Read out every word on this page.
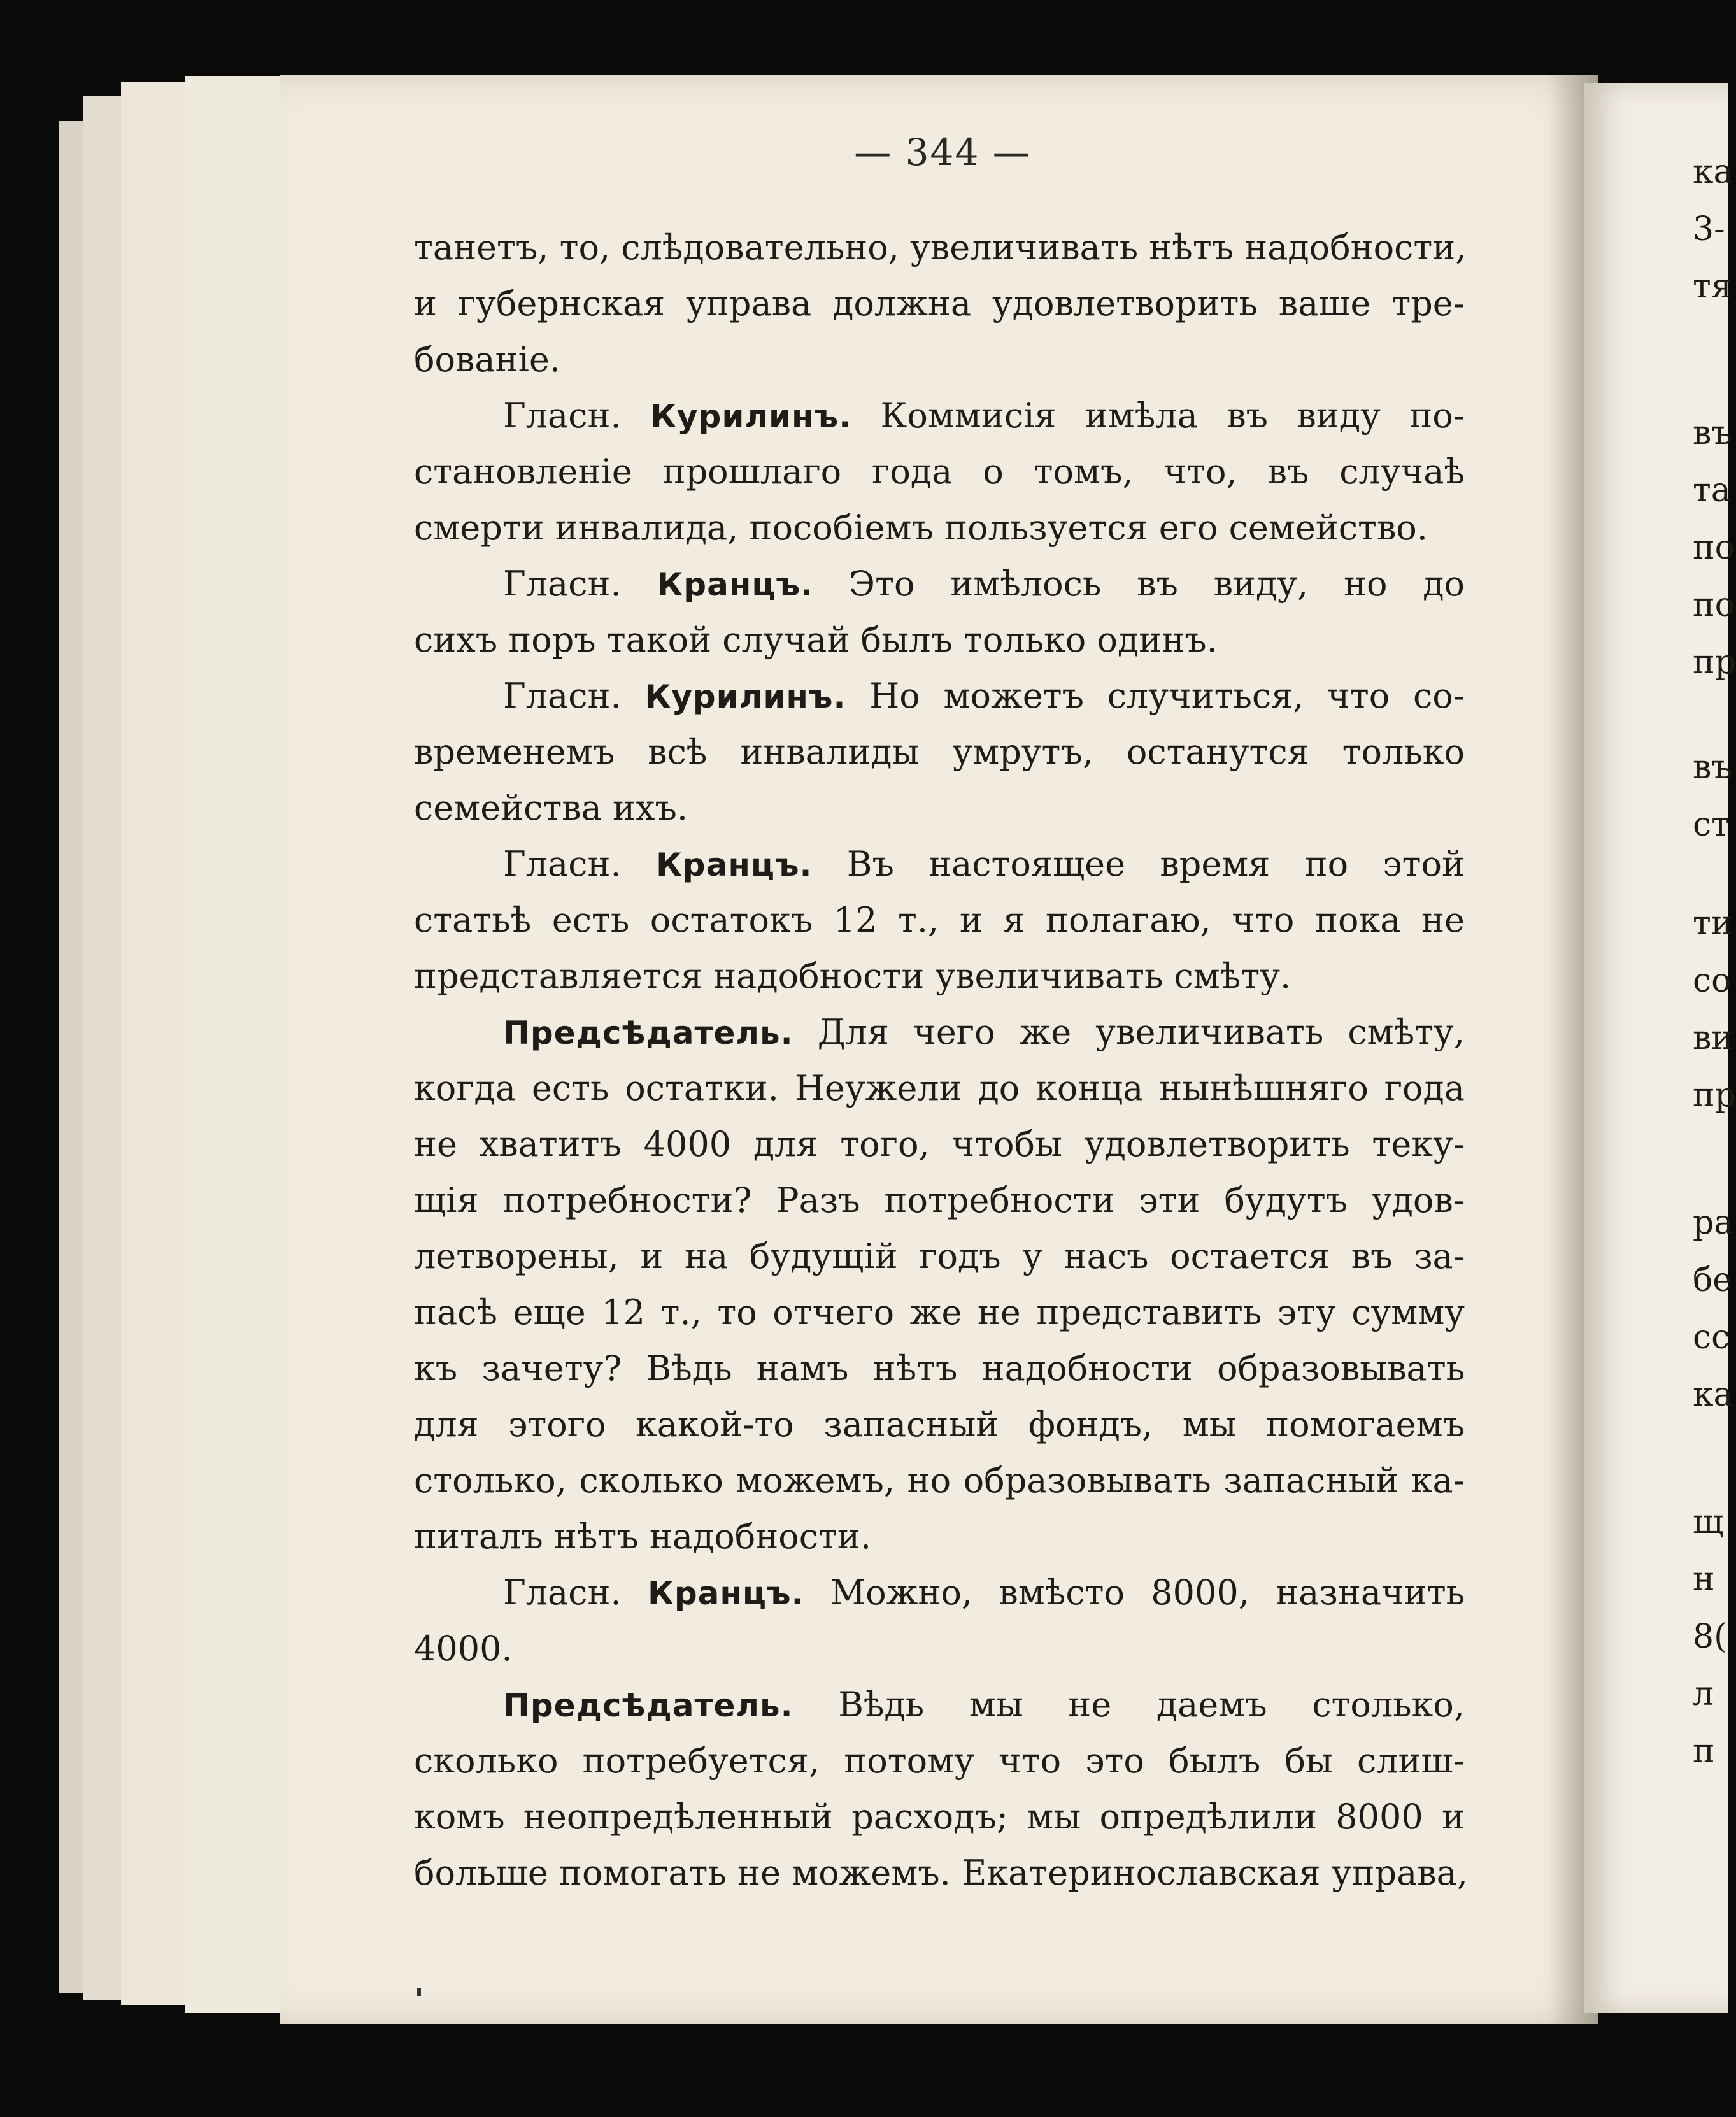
ка
3-
тя
въ
та
по
по
пр
въ
ст
ти
со
ви
пр
ра
бе
сс
ка
щ
н
8(
л
п
— 344 —
танетъ, то, слѣдовательно, увеличивать нѣтъ надобности,
и губернская управа должна удовлетворить ваше тре-
бованіе.
Гласн. Курилинъ. Коммисія имѣла въ виду по-
становленіе прошлаго года о томъ, что, въ случаѣ
смерти инвалида, пособіемъ пользуется его семейство.
Гласн. Кранцъ. Это имѣлось въ виду, но до
сихъ поръ такой случай былъ только одинъ.
Гласн. Курилинъ. Но можетъ случиться, что со-
временемъ всѣ инвалиды умрутъ, останутся только
семейства ихъ.
Гласн. Кранцъ. Въ настоящее время по этой
статьѣ есть остатокъ 12 т., и я полагаю, что пока не
представляется надобности увеличивать смѣту.
Предсѣдатель. Для чего же увеличивать смѣту,
когда есть остатки. Неужели до конца нынѣшняго года
не хватитъ 4000 для того, чтобы удовлетворить теку-
щія потребности? Разъ потребности эти будутъ удов-
летворены, и на будущій годъ у насъ остается въ за-
пасѣ еще 12 т., то отчего же не представить эту сумму
къ зачету? Вѣдь намъ нѣтъ надобности образовывать
для этого какой-то запасный фондъ, мы помогаемъ
столько, сколько можемъ, но образовывать запасный ка-
питалъ нѣтъ надобности.
Гласн. Кранцъ. Можно, вмѣсто 8000, назначить
4000.
Предсѣдатель. Вѣдь мы не даемъ столько,
сколько потребуется, потому что это былъ бы слиш-
комъ неопредѣленный расходъ; мы опредѣлили 8000 и
больше помогать не можемъ. Екатеринославская управа,
